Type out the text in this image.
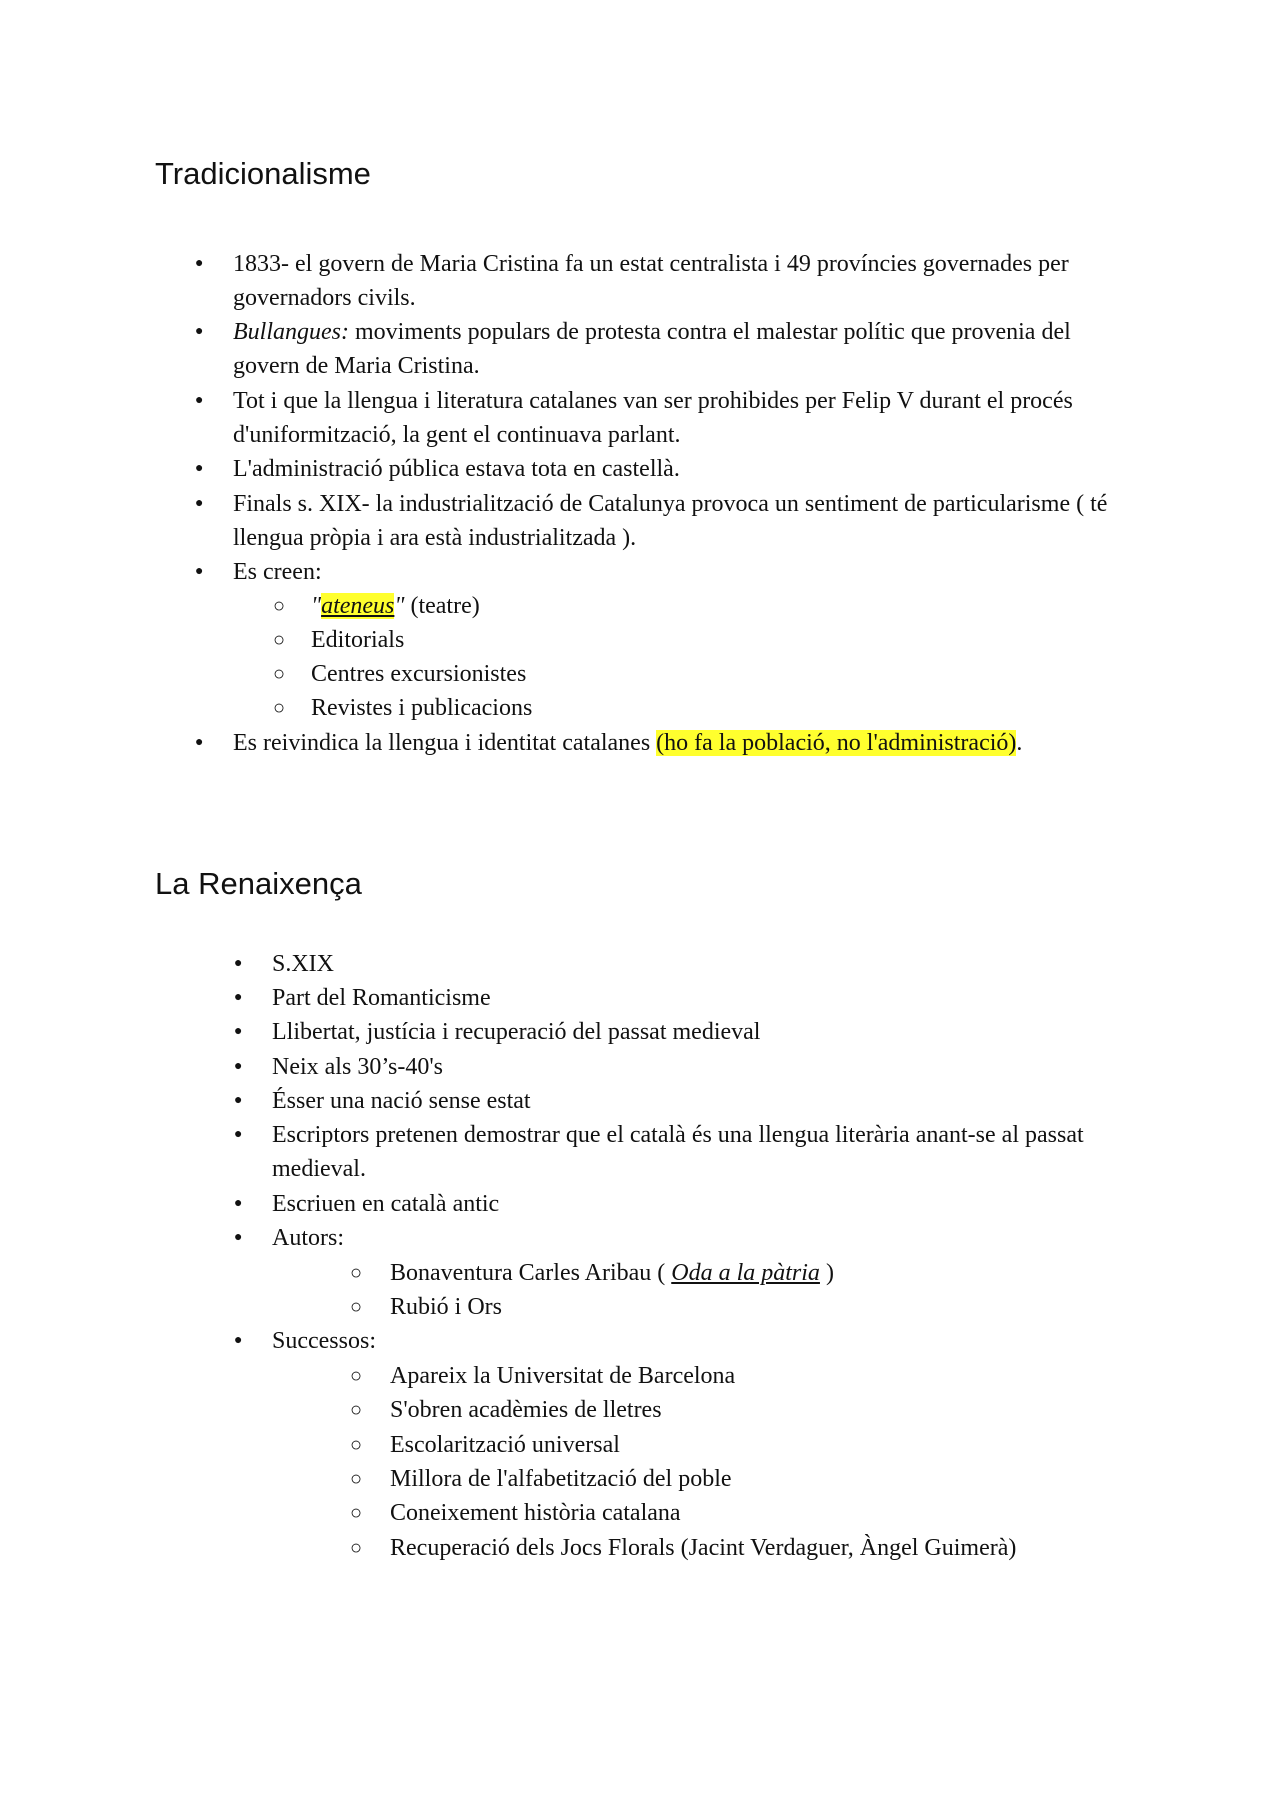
Tradicionalisme
● 1833- el govern de Maria Cristina fa un estat centralista i 49 províncies governades per governadors civils.
● Bullangues: moviments populars de protesta contra el malestar polític que provenia del govern de Maria Cristina.
● Tot i que la llengua i literatura catalanes van ser prohibides per Felip V durant el procés d'uniformització, la gent el continuava parlant.
● L'administració pública estava tota en castellà.
● Finals s. XIX- la industrialització de Catalunya provoca un sentiment de particularisme ( té llengua pròpia i ara està industrialitzada ).
● Es creen:
○ "ateneus" (teatre)
○ Editorials
○ Centres excursionistes
○ Revistes i publicacions
● Es reivindica la llengua i identitat catalanes (ho fa la població, no l'administració).
La Renaixença
● S.XIX
● Part del Romanticisme
● Llibertat, justícia i recuperació del passat medieval
● Neix als 30’s-40's
● Ésser una nació sense estat
● Escriptors pretenen demostrar que el català és una llengua literària anant-se al passat medieval.
● Escriuen en català antic
● Autors:
○ Bonaventura Carles Aribau ( Oda a la pàtria )
○ Rubió i Ors
● Successos:
○ Apareix la Universitat de Barcelona
○ S'obren acadèmies de lletres
○ Escolarització universal
○ Millora de l'alfabetització del poble
○ Coneixement història catalana
○ Recuperació dels Jocs Florals (Jacint Verdaguer, Àngel Guimerà)
